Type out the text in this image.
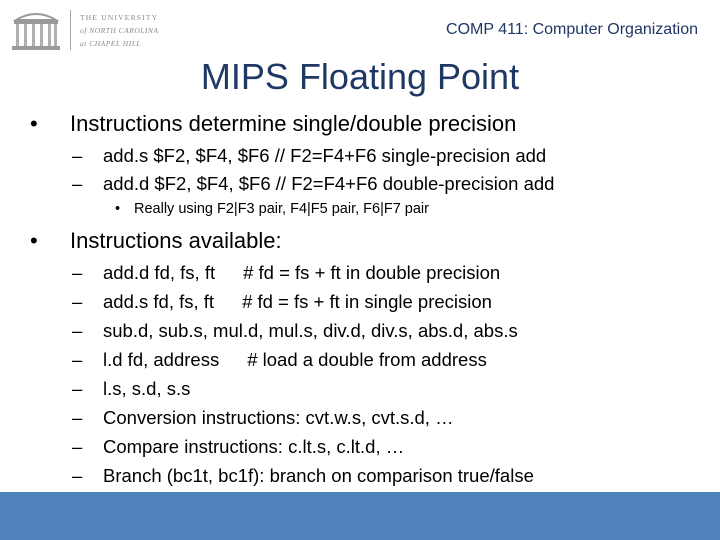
THE UNIVERSITY
of NORTH CAROLINA
at CHAPEL HILL
COMP 411: Computer Organization
MIPS Floating Point
• Instructions determine single/double precision
– add.s $F2, $F4, $F6 // F2=F4+F6 single-precision add
– add.d $F2, $F4, $F6 // F2=F4+F6 double-precision add
• Really using F2|F3 pair, F4|F5 pair, F6|F7 pair
• Instructions available:
– add.d fd, fs, ft # fd = fs + ft in double precision
– add.s fd, fs, ft # fd = fs + ft in single precision
– sub.d, sub.s, mul.d, mul.s, div.d, div.s, abs.d, abs.s
– l.d fd, address # load a double from address
– l.s, s.d, s.s
– Conversion instructions: cvt.w.s, cvt.s.d, …
– Compare instructions: c.lt.s, c.lt.d, …
– Branch (bc1t, bc1f): branch on comparison true/false
